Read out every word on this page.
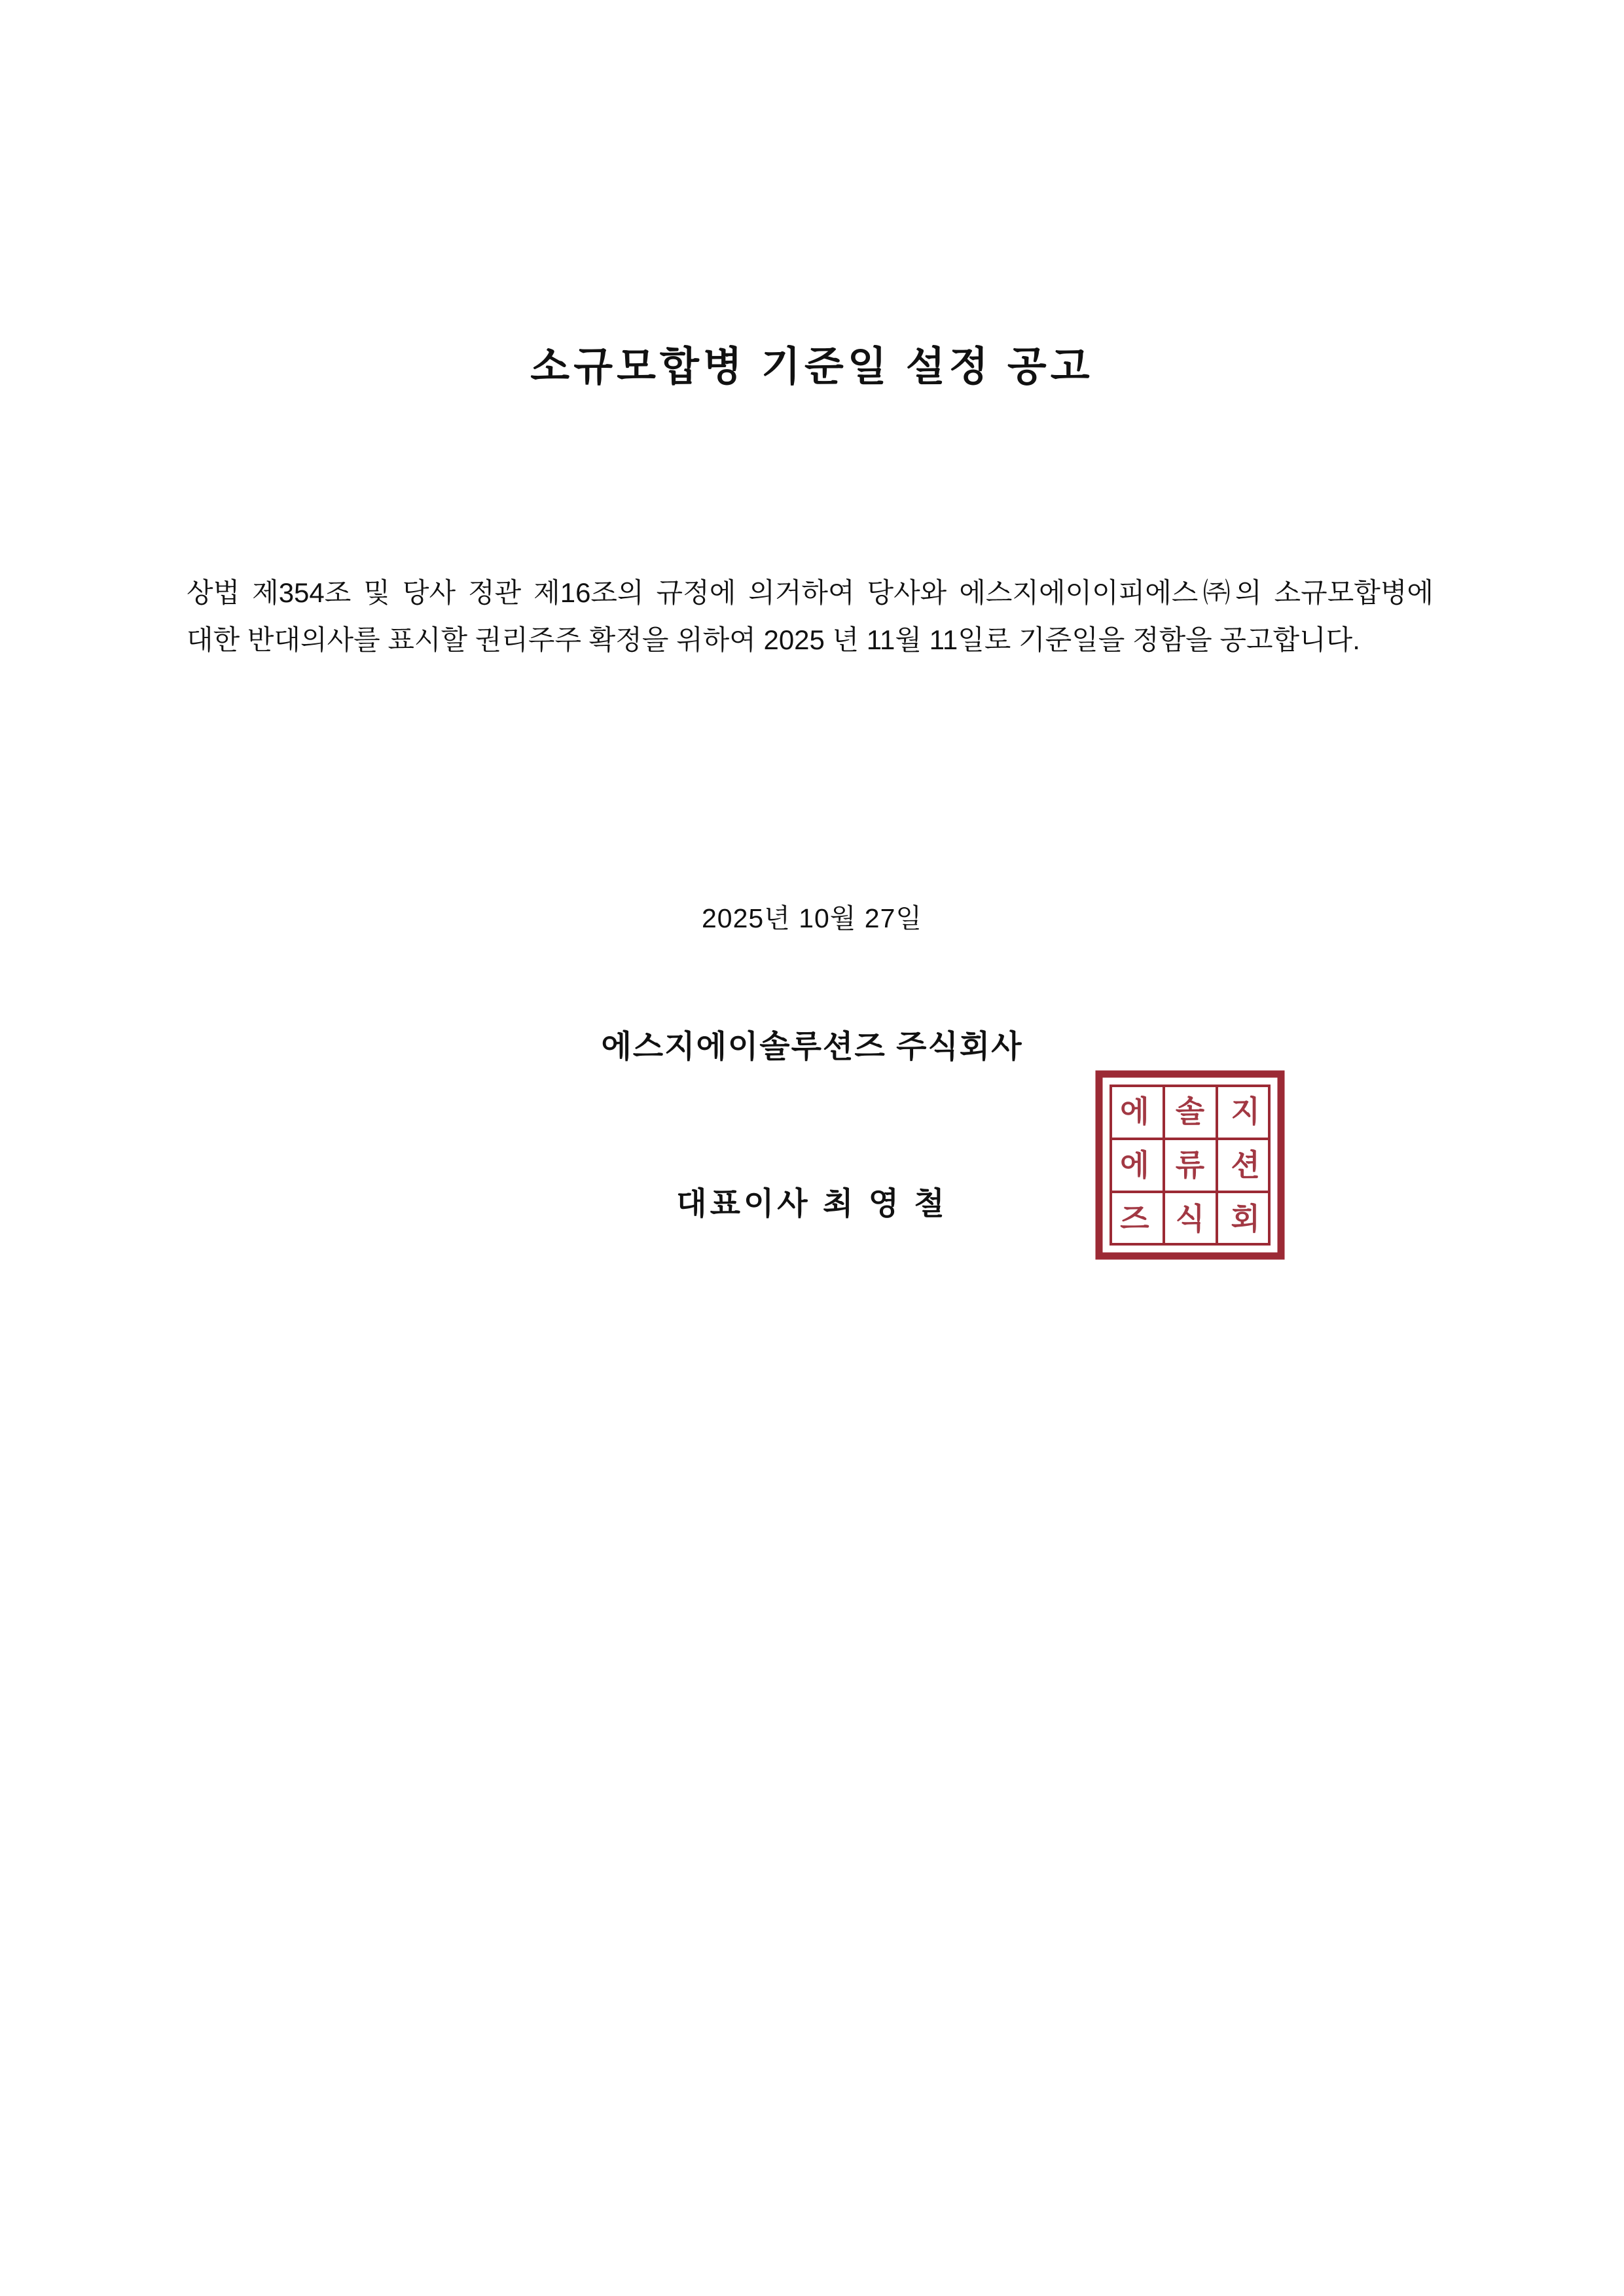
소규모합병 기준일 설정 공고

상법 제354조 및 당사 정관 제16조의 규정에 의거하여 당사와 에스지에이이피에스㈜의 소규모합병에 대한 반대의사를 표시할 권리주주 확정을 위하여 2025 년 11월 11일로 기준일을 정함을 공고합니다.

2025년 10월 27일
에스지에이솔루션즈 주식회사
대표이사 최 영 철
에 솔 지
에 류 션
즈 식 회
